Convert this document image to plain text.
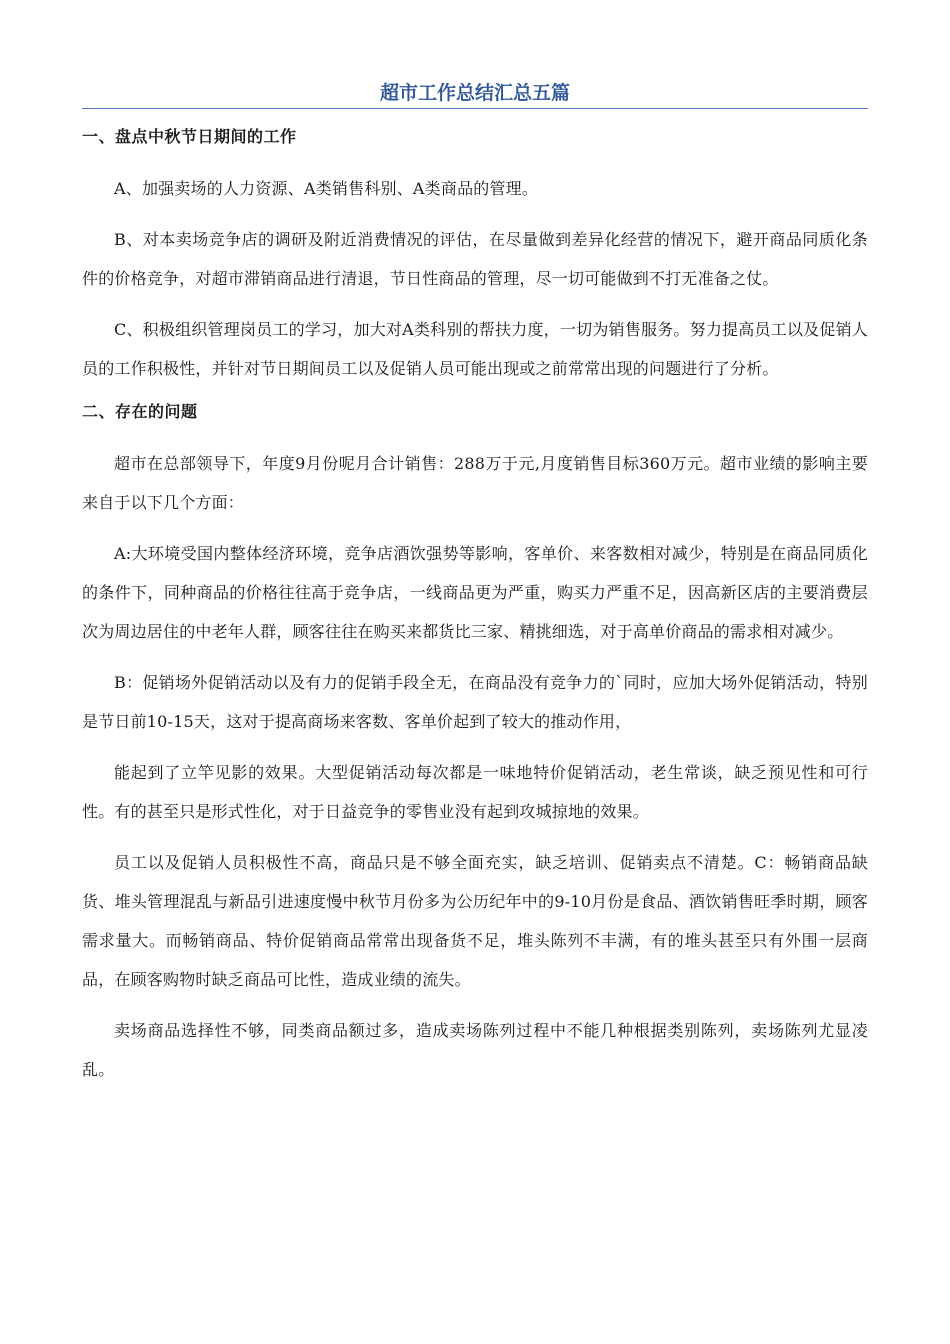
超市工作总结汇总五篇
一、盘点中秋节日期间的工作

A、加强卖场的人力资源、A类销售科别、A类商品的管理。

B、对本卖场竞争店的调研及附近消费情况的评估，在尽量做到差异化经营的情况下，避开商品同质化条件的价格竞争，对超市滞销商品进行清退，节日性商品的管理，尽一切可能做到不打无准备之仗。

C、积极组织管理岗员工的学习，加大对A类科别的帮扶力度，一切为销售服务。努力提高员工以及促销人员的工作积极性，并针对节日期间员工以及促销人员可能出现或之前常常出现的问题进行了分析。

二、存在的问题

超市在总部领导下，年度9月份呢月合计销售：288万于元,月度销售目标360万元。超市业绩的影响主要来自于以下几个方面：

A:大环境受国内整体经济环境，竞争店酒饮强势等影响，客单价、来客数相对减少，特别是在商品同质化的条件下，同种商品的价格往往高于竞争店，一线商品更为严重，购买力严重不足，因高新区店的主要消费层次为周边居住的中老年人群，顾客往往在购买来都货比三家、精挑细选，对于高单价商品的需求相对减少。

B：促销场外促销活动以及有力的促销手段全无，在商品没有竞争力的`同时，应加大场外促销活动，特别是节日前10-15天，这对于提高商场来客数、客单价起到了较大的推动作用，

能起到了立竿见影的效果。大型促销活动每次都是一味地特价促销活动，老生常谈，缺乏预见性和可行性。有的甚至只是形式性化，对于日益竞争的零售业没有起到攻城掠地的效果。

员工以及促销人员积极性不高，商品只是不够全面充实，缺乏培训、促销卖点不清楚。C：畅销商品缺货、堆头管理混乱与新品引进速度慢中秋节月份多为公历纪年中的9-10月份是食品、酒饮销售旺季时期，顾客需求量大。而畅销商品、特价促销商品常常出现备货不足，堆头陈列不丰满，有的堆头甚至只有外围一层商品，在顾客购物时缺乏商品可比性，造成业绩的流失。

卖场商品选择性不够，同类商品额过多，造成卖场陈列过程中不能几种根据类别陈列，卖场陈列尤显凌乱。
